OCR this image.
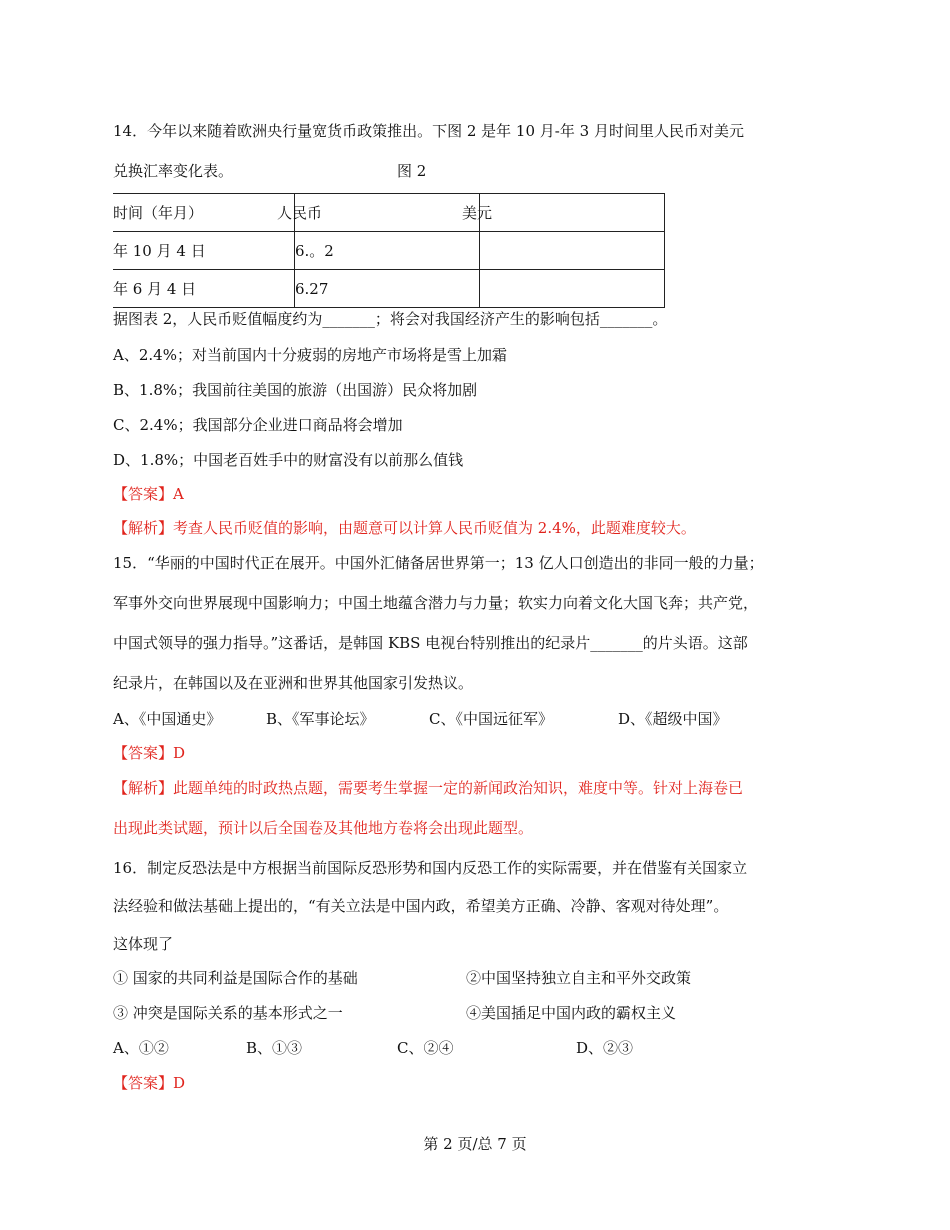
14．今年以来随着欧洲央行量宽货币政策推出。下图 2 是年 10 月-年 3 月时间里人民币对美元
兑换汇率变化表。	图 2
时间（年月）	人民币	美元
年 10 月 4 日	6.。2	
年 6 月 4 日	6.27	
据图表 2，人民币贬值幅度约为_______；将会对我国经济产生的影响包括_______。
A、2.4%；对当前国内十分疲弱的房地产市场将是雪上加霜
B、1.8%；我国前往美国的旅游（出国游）民众将加剧
C、2.4%；我国部分企业进口商品将会增加
D、1.8%；中国老百姓手中的财富没有以前那么值钱
【答案】A
【解析】考查人民币贬值的影响，由题意可以计算人民币贬值为 2.4%，此题难度较大。
15．“华丽的中国时代正在展开。中国外汇储备居世界第一；13 亿人口创造出的非同一般的力量；
军事外交向世界展现中国影响力；中国土地蕴含潜力与力量；软实力向着文化大国飞奔；共产党，
中国式领导的强力指导。”这番话，是韩国 KBS 电视台特别推出的纪录片_______的片头语。这部
纪录片，在韩国以及在亚洲和世界其他国家引发热议。
A、《中国通史》	B、《军事论坛》	C、《中国远征军》	D、《超级中国》
【答案】D
【解析】此题单纯的时政热点题，需要考生掌握一定的新闻政治知识，难度中等。针对上海卷已
出现此类试题，预计以后全国卷及其他地方卷将会出现此题型。
16．制定反恐法是中方根据当前国际反恐形势和国内反恐工作的实际需要，并在借鉴有关国家立
法经验和做法基础上提出的，“有关立法是中国内政，希望美方正确、冷静、客观对待处理”。
这体现了
① 国家的共同利益是国际合作的基础	②中国坚持独立自主和平外交政策
③ 冲突是国际关系的基本形式之一	④美国插足中国内政的霸权主义
A、①②	B、①③	C、②④	D、②③
【答案】D
第 2 页/总 7 页
